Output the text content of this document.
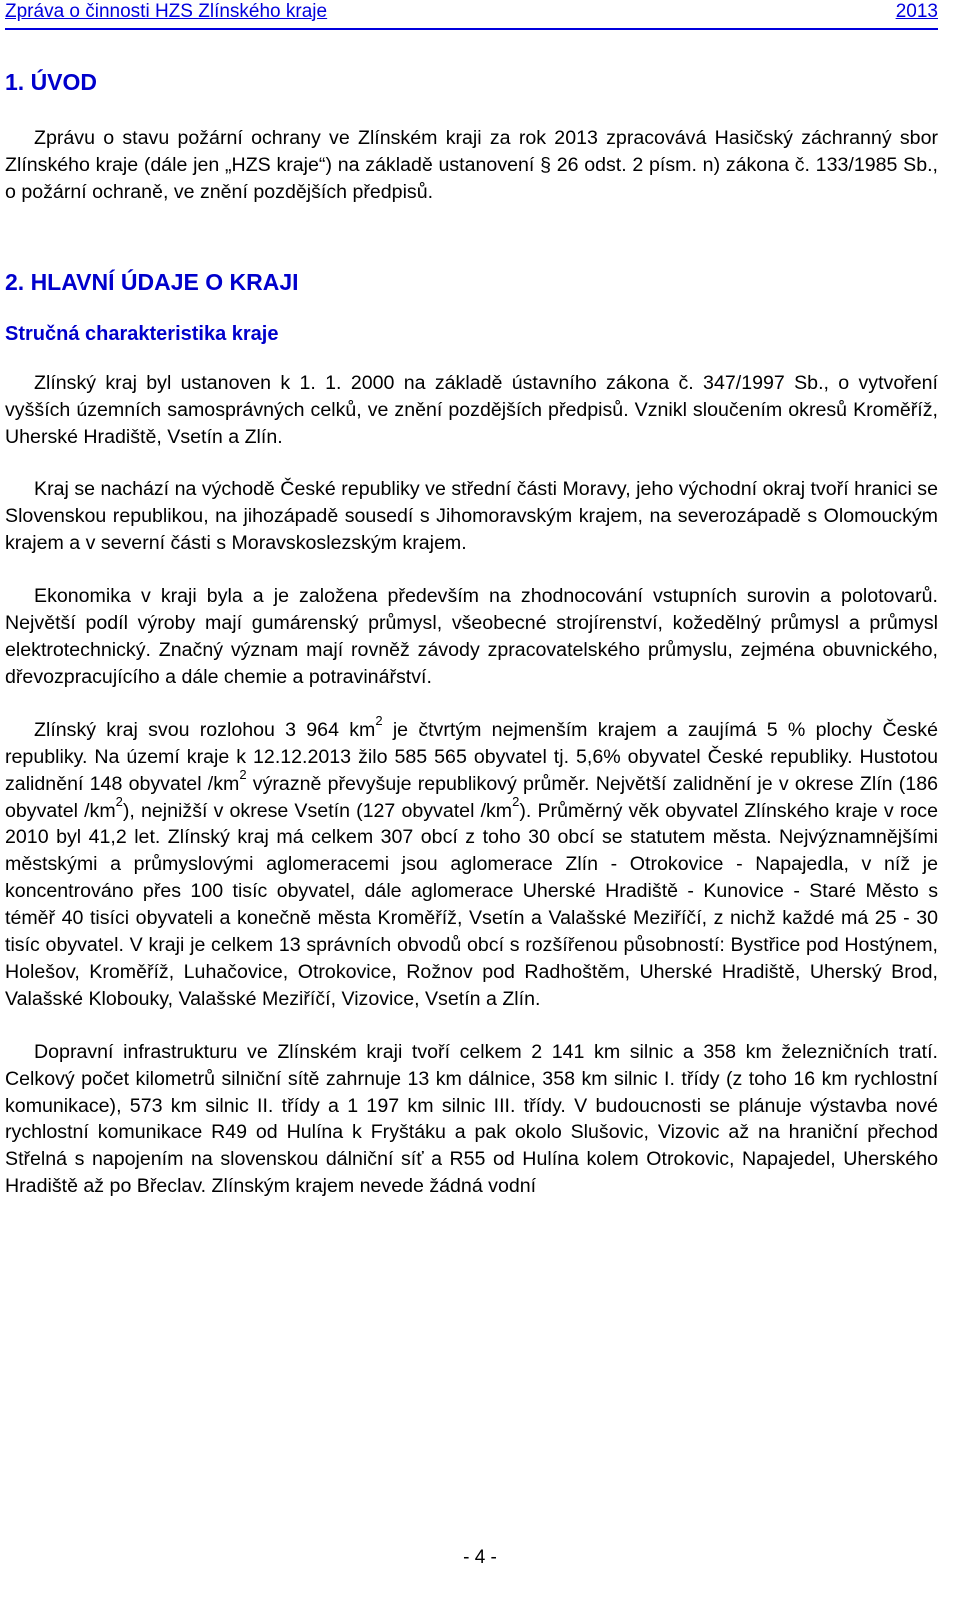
Zpráva o činnosti HZS Zlínského kraje	2013
1. ÚVOD

Zprávu o stavu požární ochrany ve Zlínském kraji za rok 2013 zpracovává Hasičský záchranný sbor Zlínského kraje (dále jen „HZS kraje“) na základě ustanovení § 26 odst. 2 písm. n) zákona č. 133/1985 Sb., o požární ochraně, ve znění pozdějších předpisů.

2. HLAVNÍ ÚDAJE O KRAJI
Stručná charakteristika kraje

Zlínský kraj byl ustanoven k 1. 1. 2000 na základě ústavního zákona č. 347/1997 Sb., o vytvoření vyšších územních samosprávných celků, ve znění pozdějších předpisů. Vznikl sloučením okresů Kroměříž, Uherské Hradiště, Vsetín a Zlín.

Kraj se nachází na východě České republiky ve střední části Moravy, jeho východní okraj tvoří hranici se Slovenskou republikou, na jihozápadě sousedí s Jihomoravským krajem, na severozápadě s Olomouckým krajem a v severní části s Moravskoslezským krajem.

Ekonomika v kraji byla a je založena především na zhodnocování vstupních surovin a polotovarů. Největší podíl výroby mají gumárenský průmysl, všeobecné strojírenství, kožedělný průmysl a průmysl elektrotechnický. Značný význam mají rovněž závody zpracovatelského průmyslu, zejména obuvnického, dřevozpracujícího a dále chemie a potravinářství.

Zlínský kraj svou rozlohou 3 964 $km^2$ je čtvrtým nejmenším krajem a zaujímá 5 % plochy České republiky. Na území kraje k 12.12.2013 žilo 585 565 obyvatel tj. 5,6% obyvatel České republiky. Hustotou zalidnění 148 obyvatel $/km^2$ výrazně převyšuje republikový průměr. Největší zalidnění je v okrese Zlín (186 obyvatel $/km^2$), nejnižší v okrese Vsetín (127 obyvatel $/km^2$). Průměrný věk obyvatel Zlínského kraje v roce 2010 byl 41,2 let. Zlínský kraj má celkem 307 obcí z toho 30 obcí se statutem města. Nejvýznamnějšími městskými a průmyslovými aglomeracemi jsou aglomerace Zlín - Otrokovice - Napajedla, v níž je koncentrováno přes 100 tisíc obyvatel, dále aglomerace Uherské Hradiště - Kunovice - Staré Město s téměř 40 tisíci obyvateli a konečně města Kroměříž, Vsetín a Valašské Meziříčí, z nichž každé má 25 - 30 tisíc obyvatel. V kraji je celkem 13 správních obvodů obcí s rozšířenou působností: Bystřice pod Hostýnem, Holešov, Kroměříž, Luhačovice, Otrokovice, Rožnov pod Radhoštěm, Uherské Hradiště, Uherský Brod, Valašské Klobouky, Valašské Meziříčí, Vizovice, Vsetín a Zlín.

Dopravní infrastrukturu ve Zlínském kraji tvoří celkem 2 141 km silnic a 358 km železničních tratí. Celkový počet kilometrů silniční sítě zahrnuje 13 km dálnice, 358 km silnic I. třídy (z toho 16 km rychlostní komunikace), 573 km silnic II. třídy a 1 197 km silnic III. třídy. V budoucnosti se plánuje výstavba nové rychlostní komunikace R49 od Hulína k Fryštáku a pak okolo Slušovic, Vizovic až na hraniční přechod Střelná s napojením na slovenskou dálniční síť a R55 od Hulína kolem Otrokovic, Napajedel, Uherského Hradiště až po Břeclav. Zlínským krajem nevede žádná vodní

- 4 -
